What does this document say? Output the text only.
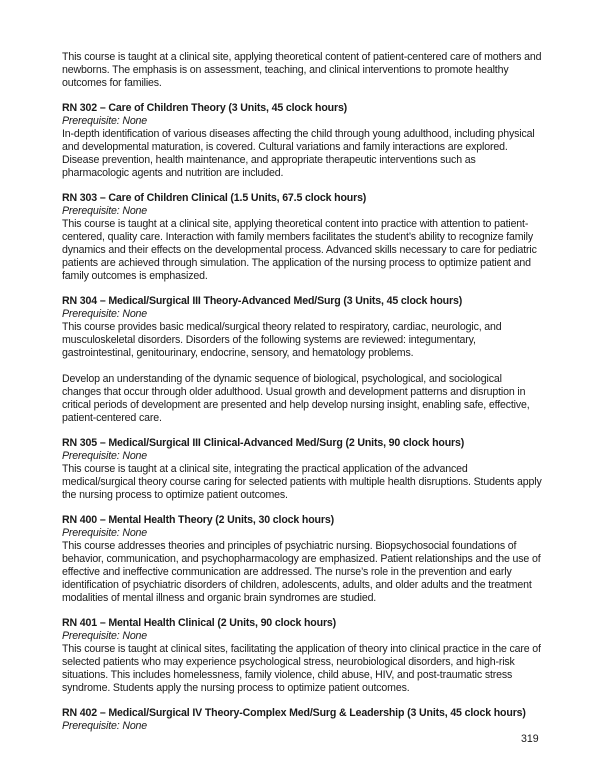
This course is taught at a clinical site, applying theoretical content of patient-centered care of mothers and newborns. The emphasis is on assessment, teaching, and clinical interventions to promote healthy outcomes for families.

RN 302 – Care of Children Theory (3 Units, 45 clock hours)

Prerequisite: None

In-depth identification of various diseases affecting the child through young adulthood, including physical and developmental maturation, is covered. Cultural variations and family interactions are explored. Disease prevention, health maintenance, and appropriate therapeutic interventions such as pharmacologic agents and nutrition are included.

RN 303 – Care of Children Clinical (1.5 Units, 67.5 clock hours)

Prerequisite: None

This course is taught at a clinical site, applying theoretical content into practice with attention to patient-centered, quality care. Interaction with family members facilitates the student’s ability to recognize family dynamics and their effects on the developmental process. Advanced skills necessary to care for pediatric patients are achieved through simulation. The application of the nursing process to optimize patient and family outcomes is emphasized.

RN 304 – Medical/Surgical III Theory-Advanced Med/Surg (3 Units, 45 clock hours)

Prerequisite: None

This course provides basic medical/surgical theory related to respiratory, cardiac, neurologic, and musculoskeletal disorders. Disorders of the following systems are reviewed: integumentary, gastrointestinal, genitourinary, endocrine, sensory, and hematology problems.

Develop an understanding of the dynamic sequence of biological, psychological, and sociological changes that occur through older adulthood. Usual growth and development patterns and disruption in critical periods of development are presented and help develop nursing insight, enabling safe, effective, patient-centered care.

RN 305 – Medical/Surgical III Clinical-Advanced Med/Surg (2 Units, 90 clock hours)

Prerequisite: None

This course is taught at a clinical site, integrating the practical application of the advanced medical/surgical theory course caring for selected patients with multiple health disruptions. Students apply the nursing process to optimize patient outcomes.

RN 400 – Mental Health Theory (2 Units, 30 clock hours)

Prerequisite: None

This course addresses theories and principles of psychiatric nursing. Biopsychosocial foundations of behavior, communication, and psychopharmacology are emphasized. Patient relationships and the use of effective and ineffective communication are addressed. The nurse’s role in the prevention and early identification of psychiatric disorders of children, adolescents, adults, and older adults and the treatment modalities of mental illness and organic brain syndromes are studied.

RN 401 – Mental Health Clinical (2 Units, 90 clock hours)

Prerequisite: None

This course is taught at clinical sites, facilitating the application of theory into clinical practice in the care of selected patients who may experience psychological stress, neurobiological disorders, and high-risk situations. This includes homelessness, family violence, child abuse, HIV, and post-traumatic stress syndrome. Students apply the nursing process to optimize patient outcomes.

RN 402 – Medical/Surgical IV Theory-Complex Med/Surg & Leadership (3 Units, 45 clock hours)

Prerequisite: None

319
